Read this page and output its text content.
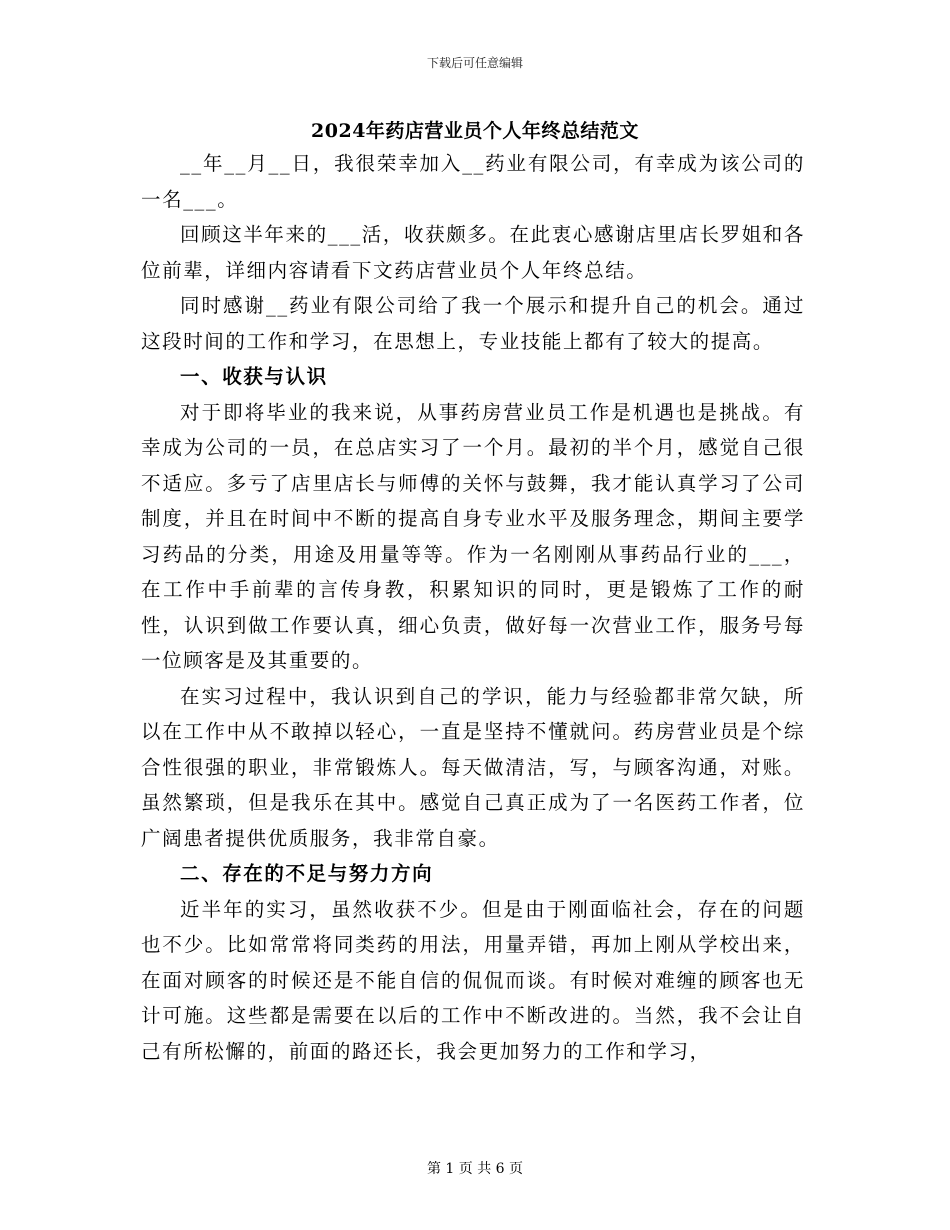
下载后可任意编辑
2024年药店营业员个人年终总结范文

__年__月__日，我很荣幸加入__药业有限公司，有幸成为该公司的一名___。

回顾这半年来的___活，收获颇多。在此衷心感谢店里店长罗姐和各位前辈，详细内容请看下文药店营业员个人年终总结。

同时感谢__药业有限公司给了我一个展示和提升自己的机会。通过这段时间的工作和学习，在思想上，专业技能上都有了较大的提高。

一、收获与认识

对于即将毕业的我来说，从事药房营业员工作是机遇也是挑战。有幸成为公司的一员，在总店实习了一个月。最初的半个月，感觉自己很不适应。多亏了店里店长与师傅的关怀与鼓舞，我才能认真学习了公司制度，并且在时间中不断的提高自身专业水平及服务理念，期间主要学习药品的分类，用途及用量等等。作为一名刚刚从事药品行业的___，在工作中手前辈的言传身教，积累知识的同时，更是锻炼了工作的耐性，认识到做工作要认真，细心负责，做好每一次营业工作，服务号每一位顾客是及其重要的。

在实习过程中，我认识到自己的学识，能力与经验都非常欠缺，所以在工作中从不敢掉以轻心，一直是坚持不懂就问。药房营业员是个综合性很强的职业，非常锻炼人。每天做清洁，写，与顾客沟通，对账。虽然繁琐，但是我乐在其中。感觉自己真正成为了一名医药工作者，位广阔患者提供优质服务，我非常自豪。

二、存在的不足与努力方向

近半年的实习，虽然收获不少。但是由于刚面临社会，存在的问题也不少。比如常常将同类药的用法，用量弄错，再加上刚从学校出来，在面对顾客的时候还是不能自信的侃侃而谈。有时候对难缠的顾客也无计可施。这些都是需要在以后的工作中不断改进的。当然，我不会让自己有所松懈的，前面的路还长，我会更加努力的工作和学习，

第 1 页 共 6 页
